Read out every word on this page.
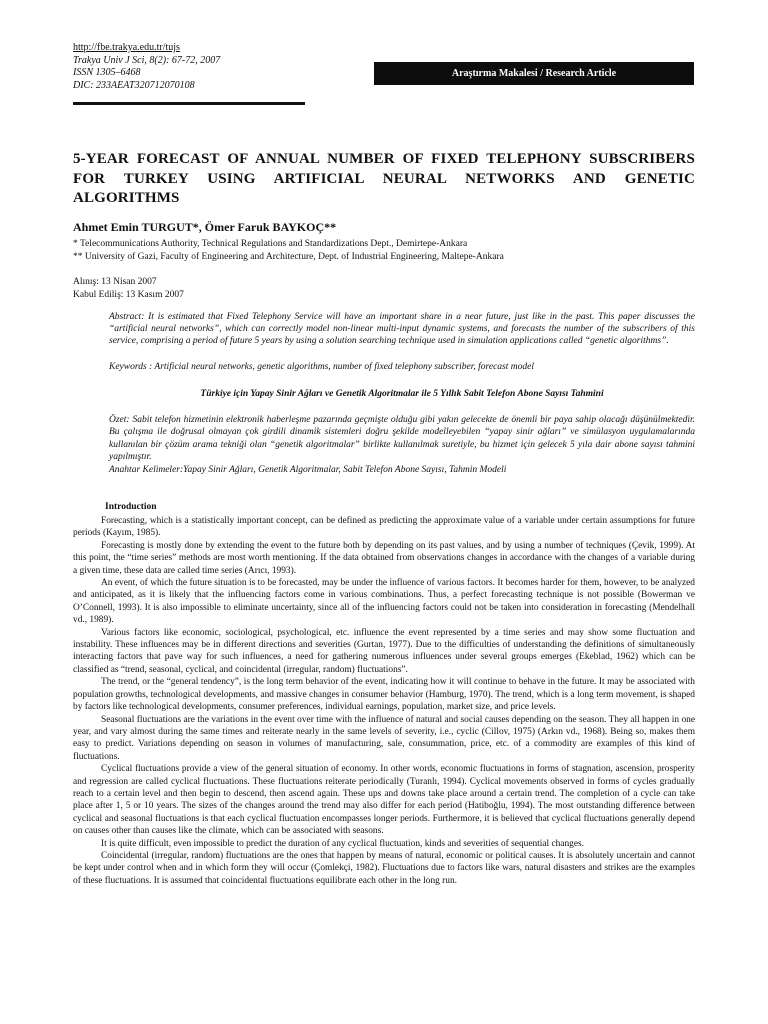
http://fbe.trakya.edu.tr/tujs
Trakya Univ J Sci, 8(2): 67-72, 2007
ISSN 1305–6468
DIC: 233AEAT320712070108
Araştırma Makalesi / Research Article
5-YEAR FORECAST OF ANNUAL NUMBER OF FIXED TELEPHONY SUBSCRIBERS FOR TURKEY USING ARTIFICIAL NEURAL NETWORKS AND GENETIC ALGORITHMS
Ahmet Emin TURGUT*, Ömer Faruk BAYKOÇ**
* Telecommunications Authority, Technical Regulations and Standardizations Dept., Demirtepe-Ankara
** University of Gazi, Faculty of Engineering and Architecture, Dept. of Industrial Engineering, Maltepe-Ankara
Alınış: 13 Nisan 2007
Kabul Ediliş: 13 Kasım 2007
Abstract: It is estimated that Fixed Telephony Service will have an important share in a near future, just like in the past. This paper discusses the “artificial neural networks”, which can correctly model non-linear multi-input dynamic systems, and forecasts the number of the subscribers of this service, comprising a period of future 5 years by using a solution searching technique used in simulation applications called “genetic algorithms”.
Keywords : Artificial neural networks, genetic algorithms, number of fixed telephony subscriber, forecast model
Türkiye için Yapay Sinir Ağları ve Genetik Algoritmalar ile 5 Yıllık Sabit Telefon Abone Sayısı Tahmini
Özet: Sabit telefon hizmetinin elektronik haberleşme pazarında geçmişte olduğu gibi yakın gelecekte de önemli bir paya sahip olacağı düşünülmektedir. Bu çalışma ile doğrusal olmayan çok girdili dinamik sistemleri doğru şekilde modelleyebilen “yapay sinir ağları” ve simülasyon uygulamalarında kullanılan bir çözüm arama tekniği olan “genetik algoritmalar” birlikte kullanılmak suretiyle, bu hizmet için gelecek 5 yıla dair abone sayısı tahmini yapılmıştır.
Anahtar Kelimeler:Yapay Sinir Ağları, Genetik Algoritmalar, Sabit Telefon Abone Sayısı, Tahmin Modeli
Introduction

Forecasting, which is a statistically important concept, can be defined as predicting the approximate value of a variable under certain assumptions for future periods (Kayım, 1985).

Forecasting is mostly done by extending the event to the future both by depending on its past values, and by using a number of techniques (Çevik, 1999). At this point, the “time series” methods are most worth mentioning. If the data obtained from observations changes in accordance with the changes of a variable during a given time, these data are called time series (Arıcı, 1993).

An event, of which the future situation is to be forecasted, may be under the influence of various factors. It becomes harder for them, however, to be analyzed and anticipated, as it is likely that the influencing factors come in various combinations. Thus, a perfect forecasting technique is not possible (Bowerman ve O’Connell, 1993). It is also impossible to eliminate uncertainty, since all of the influencing factors could not be taken into consideration in forecasting (Mendelhall vd., 1989).

Various factors like economic, sociological, psychological, etc. influence the event represented by a time series and may show some fluctuation and instability. These influences may be in different directions and severities (Gurtan, 1977). Due to the difficulties of understanding the definitions of simultaneously interacting factors that pave way for such influences, a need for gathering numerous influences under several groups emerges (Ekeblad, 1962) which can be classified as “trend, seasonal, cyclical, and coincidental (irregular, random) fluctuations”.

The trend, or the “general tendency”, is the long term behavior of the event, indicating how it will continue to behave in the future. It may be associated with population growths, technological developments, and massive changes in consumer behavior (Hamburg, 1970). The trend, which is a long term movement, is shaped by factors like technological developments, consumer preferences, individual earnings, population, market size, and price levels.

Seasonal fluctuations are the variations in the event over time with the influence of natural and social causes depending on the season. They all happen in one year, and vary almost during the same times and reiterate nearly in the same levels of severity, i.e., cyclic (Cillov, 1975) (Arkın vd., 1968). Being so, makes them easy to predict. Variations depending on season in volumes of manufacturing, sale, consummation, price, etc. of a commodity are examples of this kind of fluctuations.

Cyclical fluctuations provide a view of the general situation of economy. In other words, economic fluctuations in forms of stagnation, ascension, prosperity and regression are called cyclical fluctuations. These fluctuations reiterate periodically (Turanlı, 1994). Cyclical movements observed in forms of cycles gradually reach to a certain level and then begin to descend, then ascend again. These ups and downs take place around a certain trend. The completion of a cycle can take place after 1, 5 or 10 years. The sizes of the changes around the trend may also differ for each period (Hatiboğlu, 1994). The most outstanding difference between cyclical and seasonal fluctuations is that each cyclical fluctuation encompasses longer periods. Furthermore, it is believed that cyclical fluctuations generally depend on causes other than causes like the climate, which can be associated with seasons.

It is quite difficult, even impossible to predict the duration of any cyclical fluctuation, kinds and severities of sequential changes.

Coincidental (irregular, random) fluctuations are the ones that happen by means of natural, economic or political causes. It is absolutely uncertain and cannot be kept under control when and in which form they will occur (Çomlekçi, 1982). Fluctuations due to factors like wars, natural disasters and strikes are the examples of these fluctuations. It is assumed that coincidental fluctuations equilibrate each other in the long run.
